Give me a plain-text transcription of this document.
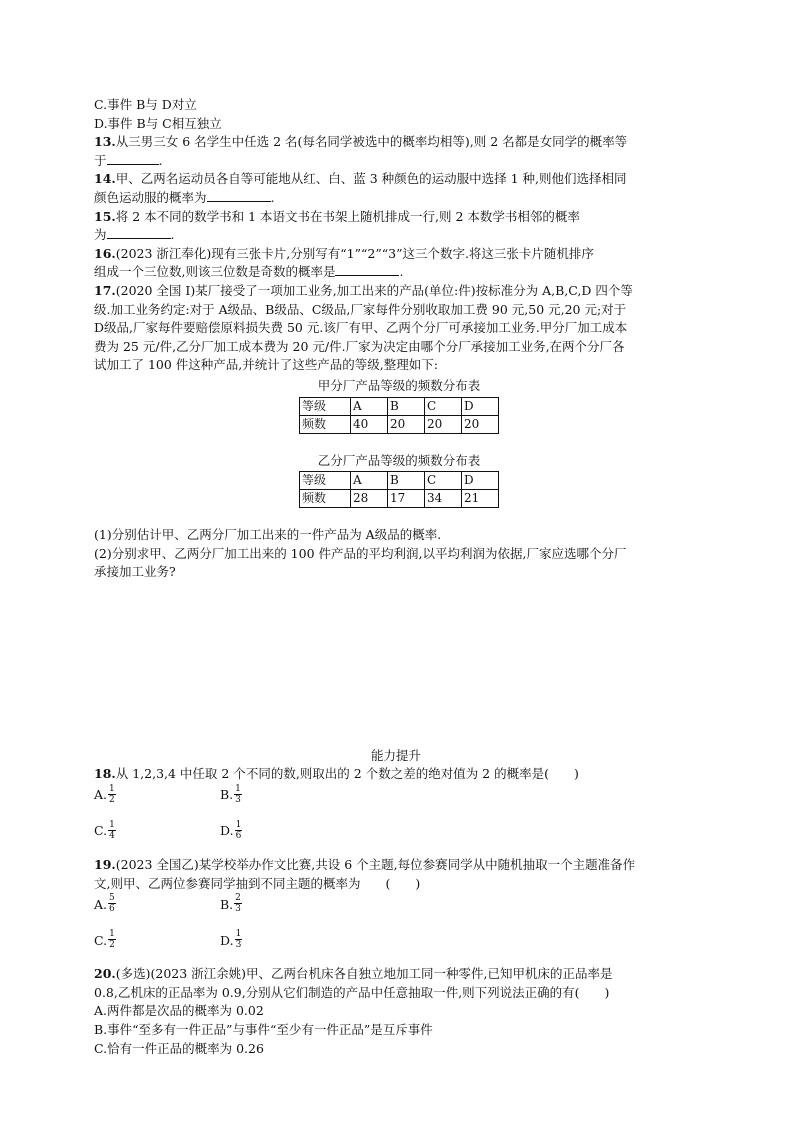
C.事件 B与 D对立
D.事件 B与 C相互独立
13.从三男三女 6 名学生中任选 2 名(每名同学被选中的概率均相等),则 2 名都是女同学的概率等
于	.
14.甲、乙两名运动员各自等可能地从红、白、蓝 3 种颜色的运动服中选择 1 种,则他们选择相同
颜色运动服的概率为	.
15.将 2 本不同的数学书和 1 本语文书在书架上随机排成一行,则 2 本数学书相邻的概率
为	.
16.(2023 浙江奉化)现有三张卡片,分别写有“1”“2”“3”这三个数字.将这三张卡片随机排序
组成一个三位数,则该三位数是奇数的概率是	.
17.(2020 全国 Ⅰ)某厂接受了一项加工业务,加工出来的产品(单位:件)按标准分为 A,B,C,D 四个等
级.加工业务约定:对于 A级品、B级品、C级品,厂家每件分别收取加工费 90 元,50 元,20 元;对于
D级品,厂家每件要赔偿原料损失费 50 元.该厂有甲、乙两个分厂可承接加工业务.甲分厂加工成本
费为 25 元/件,乙分厂加工成本费为 20 元/件.厂家为决定由哪个分厂承接加工业务,在两个分厂各
试加工了 100 件这种产品,并统计了这些产品的等级,整理如下:
甲分厂产品等级的频数分布表
等级	A	B	C	D
频数	40	20	20	20
乙分厂产品等级的频数分布表
等级	A	B	C	D
频数	28	17	34	21
(1)分别估计甲、乙两分厂加工出来的一件产品为 A级品的概率.
(2)分别求甲、乙两分厂加工出来的 100 件产品的平均利润,以平均利润为依据,厂家应选哪个分厂
承接加工业务?
能力提升
18.从 1,2,3,4 中任取 2 个不同的数,则取出的 2 个数之差的绝对值为 2 的概率是(　　)
A. $\frac{1}{2}$	B. $\frac{1}{3}$
C. $\frac{1}{4}$	D. $\frac{1}{6}$
19.(2023 全国乙)某学校举办作文比赛,共设 6 个主题,每位参赛同学从中随机抽取一个主题准备作
文,则甲、乙两位参赛同学抽到不同主题的概率为　　(　　)
A. $\frac{5}{6}$	B. $\frac{2}{3}$
C. $\frac{1}{2}$	D. $\frac{1}{3}$
20.(多选)(2023 浙江余姚)甲、乙两台机床各自独立地加工同一种零件,已知甲机床的正品率是
0.8,乙机床的正品率为 0.9,分别从它们制造的产品中任意抽取一件,则下列说法正确的有(　　)
A.两件都是次品的概率为 0.02
B.事件“至多有一件正品”与事件“至少有一件正品”是互斥事件
C.恰有一件正品的概率为 0.26
